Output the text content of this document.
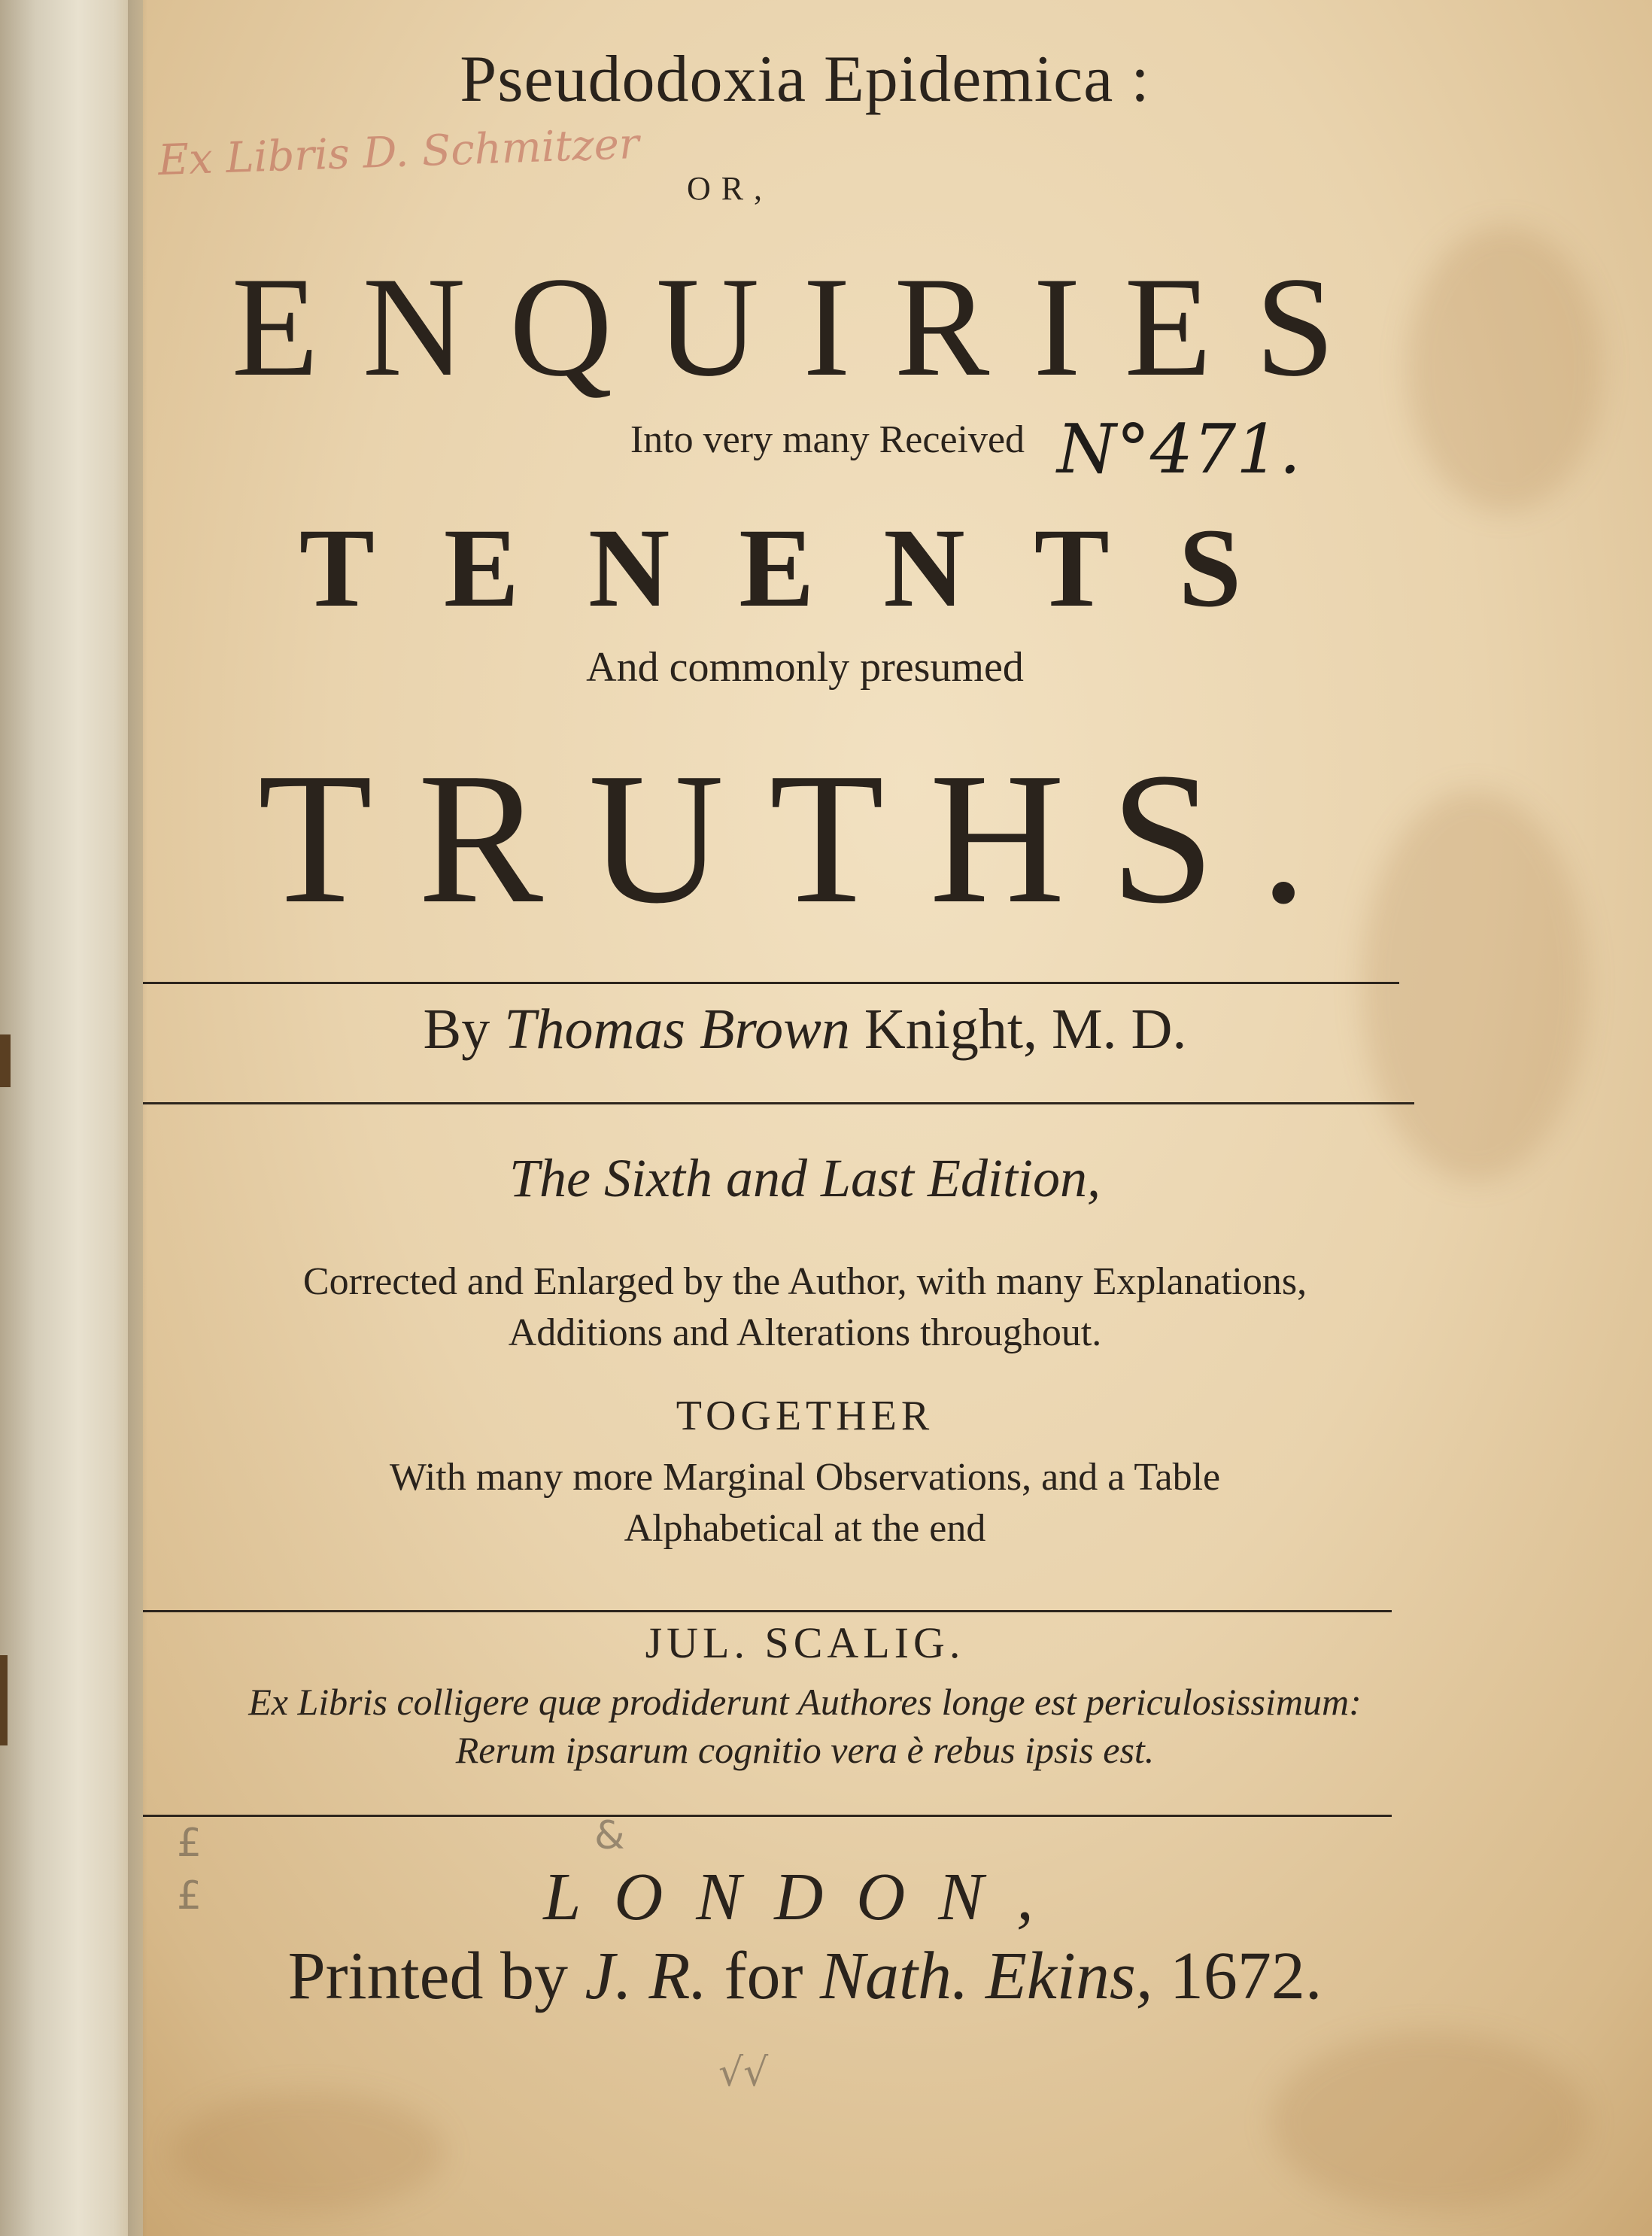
Ex Libris D. Schmitzer
Pseudodoxia Epidemica :
OR,
ENQUIRIES
Into very many Received N°471.
TENENTS
And commonly presumed
TRUTHS.
By Thomas Brown Knight, M. D.
The Sixth and Last Edition,
Corrected and Enlarged by the Author, with many Explanations,
Additions and Alterations throughout.
TOGETHER
With many more Marginal Observations, and a Table
Alphabetical at the end
JUL. SCALIG.
Ex Libris colligere quæ prodiderunt Authores longe est periculosissimum:
Rerum ipsarum cognitio vera è rebus ipsis est.
£
£
&
LONDON,
Printed by J. R. for Nath. Ekins, 1672.
√√
